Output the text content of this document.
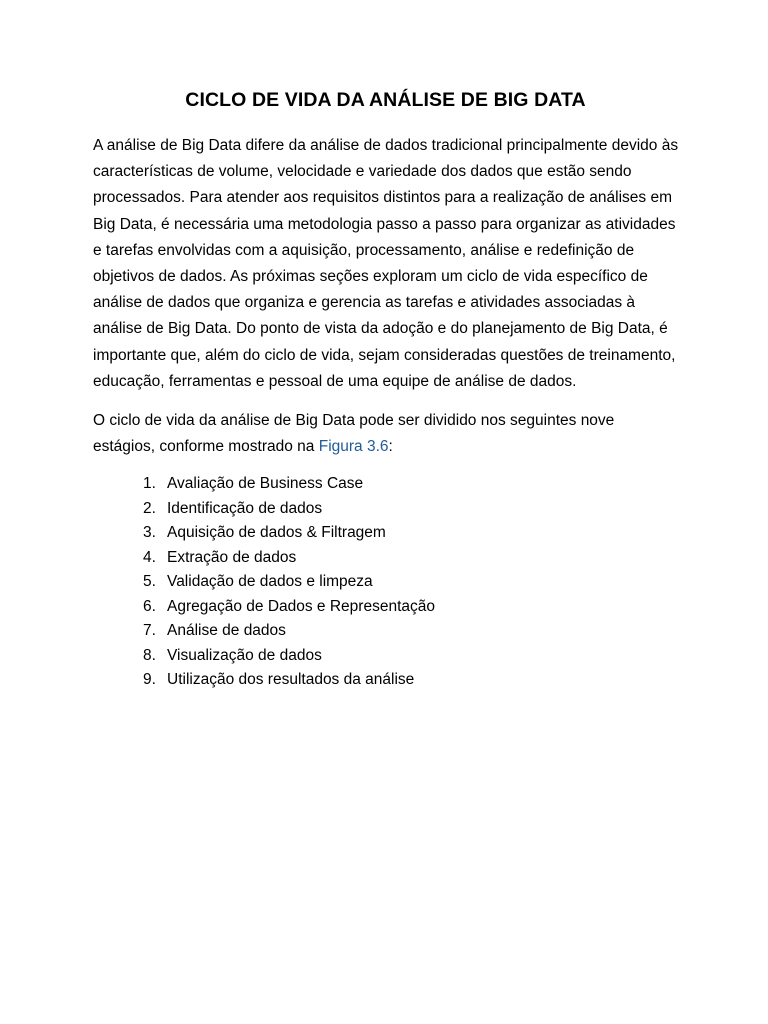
CICLO DE VIDA DA ANÁLISE DE BIG DATA

A análise de Big Data difere da análise de dados tradicional principalmente devido às características de volume, velocidade e variedade dos dados que estão sendo processados. Para atender aos requisitos distintos para a realização de análises em Big Data, é necessária uma metodologia passo a passo para organizar as atividades e tarefas envolvidas com a aquisição, processamento, análise e redefinição de objetivos de dados. As próximas seções exploram um ciclo de vida específico de análise de dados que organiza e gerencia as tarefas e atividades associadas à análise de Big Data. Do ponto de vista da adoção e do planejamento de Big Data, é importante que, além do ciclo de vida, sejam consideradas questões de treinamento, educação, ferramentas e pessoal de uma equipe de análise de dados.

O ciclo de vida da análise de Big Data pode ser dividido nos seguintes nove estágios, conforme mostrado na Figura 3.6:

1. Avaliação de Business Case
2. Identificação de dados
3. Aquisição de dados & Filtragem
4. Extração de dados
5. Validação de dados e limpeza
6. Agregação de Dados e Representação
7. Análise de dados
8. Visualização de dados
9. Utilização dos resultados da análise
